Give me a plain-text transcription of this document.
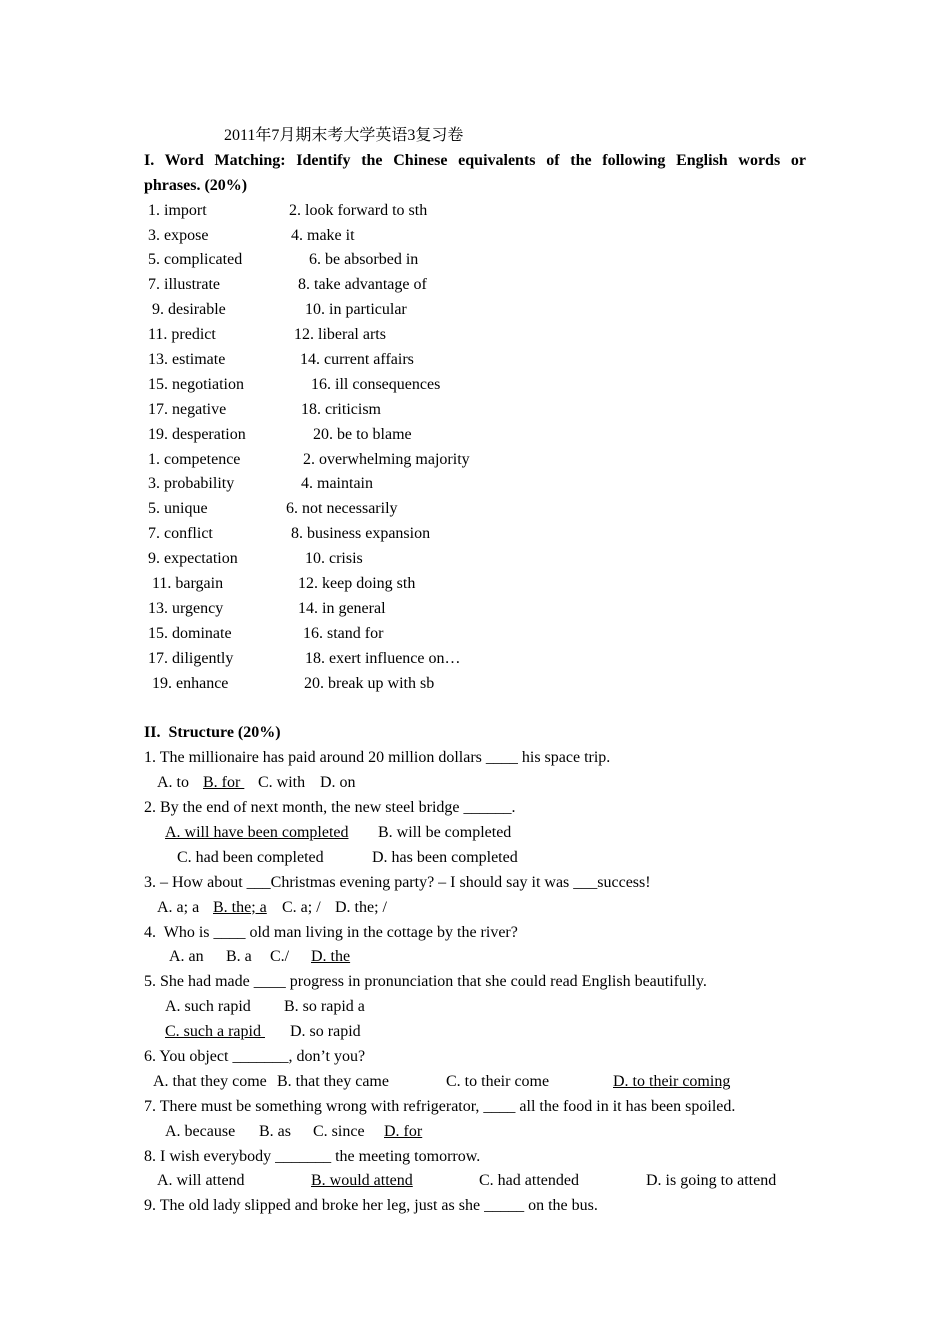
2011年7月期末考大学英语3复习卷
I. Word Matching: Identify the Chinese equivalents of the following English words or
phrases. (20%)
1. import	2. look forward to sth
3. expose	4. make it
5. complicated	6. be absorbed in
7. illustrate	8. take advantage of
9. desirable	10. in particular
11. predict	12. liberal arts
13. estimate	14. current affairs
15. negotiation	16. ill consequences
17. negative	18. criticism
19. desperation	20. be to blame
1. competence	2. overwhelming majority
3. probability	4. maintain
5. unique	6. not necessarily
7. conflict	8. business expansion
9. expectation	10. crisis
11. bargain	12. keep doing sth
13. urgency	14. in general
15. dominate	16. stand for
17. diligently	18. exert influence on…
19. enhance	20. break up with sb
II.  Structure (20%)
1. The millionaire has paid around 20 million dollars ____ his space trip.

A. to

B. for

C. with

D. on

2. By the end of next month, the new steel bridge ______.

A. will have been completed

B. will be completed

C. had been completed

	D. has been completed

3. – How about ___Christmas evening party? – I should say it was ___success!

A. a; a

B. the; a

C. a; /

D. the; /

4.  Who is ____ old man living in the cottage by the river?

A. an

B. a

C./

D. the

5. She had made ____ progress in pronunciation that she could read English beautifully.

A. such rapid

B. so rapid a

C. such a rapid

D. so rapid

6. You object _______, don’t you?

A. that they come

B. that they came

	C. to their come

	D. to their coming

7. There must be something wrong with refrigerator, ____ all the food in it has been spoiled.

A. because

B. as

C. since

D. for

8. I wish everybody _______ the meeting tomorrow.

A. will attend

	B. would attend

	C. had attended

	D. is going to attend

9. The old lady slipped and broke her leg, just as she _____ on the bus.
